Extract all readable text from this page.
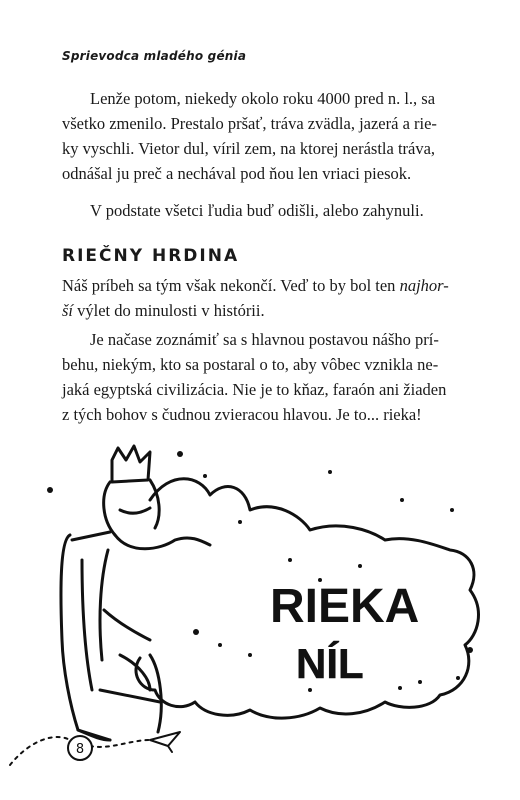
Sprievodca mladého génia

Lenže potom, niekedy okolo roku 4000 pred n. l., sa

všetko zmenilo. Prestalo pršať, tráva zvädla, jazerá a rie-

ky vyschli. Vietor dul, víril zem, na ktorej nerástla tráva,

odnášal ju preč a nechával pod ňou len vriaci piesok.

V podstate všetci ľudia buď odišli, alebo zahynuli.

RIEČNY HRDINA

Náš príbeh sa tým však nekončí. Veď to by bol ten najhor-

ší výlet do minulosti v histórii.

Je načase zoznámiť sa s hlavnou postavou nášho prí-

behu, niekým, kto sa postaral o to, aby vôbec vznikla ne-

jaká egyptská civilizácia. Nie je to kňaz, faraón ani žiaden

z tých bohov s čudnou zvieracou hlavou. Je to... rieka!

RIEKA
NÍL
8
